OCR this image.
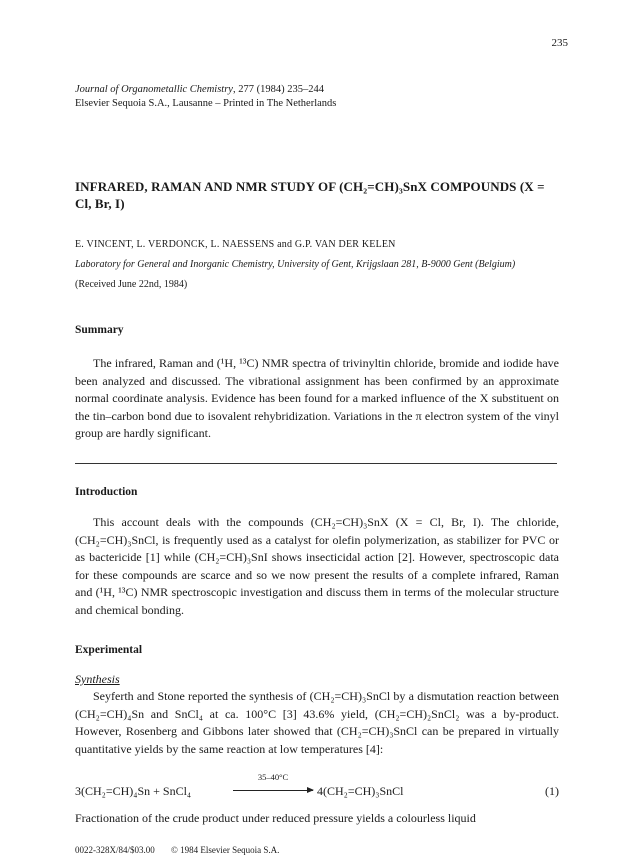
235
Journal of Organometallic Chemistry, 277 (1984) 235–244
Elsevier Sequoia S.A., Lausanne – Printed in The Netherlands
INFRARED, RAMAN AND NMR STUDY OF (CH₂=CH)₃SnX COMPOUNDS (X = Cl, Br, I)
E. VINCENT, L. VERDONCK, L. NAESSENS and G.P. VAN DER KELEN
Laboratory for General and Inorganic Chemistry, University of Gent, Krijgslaan 281, B-9000 Gent (Belgium)
(Received June 22nd, 1984)
Summary
The infrared, Raman and (¹H, ¹³C) NMR spectra of trivinyltin chloride, bromide and iodide have been analyzed and discussed. The vibrational assignment has been confirmed by an approximate normal coordinate analysis. Evidence has been found for a marked influence of the X substituent on the tin–carbon bond due to isovalent rehybridization. Variations in the π electron system of the vinyl group are hardly significant.
Introduction
This account deals with the compounds (CH₂=CH)₃SnX (X = Cl, Br, I). The chloride, (CH₂=CH)₃SnCl, is frequently used as a catalyst for olefin polymerization, as stabilizer for PVC or as bactericide [1] while (CH₂=CH)₃SnI shows insecticidal action [2]. However, spectroscopic data for these compounds are scarce and so we now present the results of a complete infrared, Raman and (¹H, ¹³C) NMR spectroscopic investigation and discuss them in terms of the molecular structure and chemical bonding.
Experimental
Synthesis
Seyferth and Stone reported the synthesis of (CH₂=CH)₃SnCl by a dismutation reaction between (CH₂=CH)₄Sn and SnCl₄ at ca. 100°C [3] 43.6% yield, (CH₂=CH)₂SnCl₂ was a by-product. However, Rosenberg and Gibbons later showed that (CH₂=CH)₃SnCl can be prepared in virtually quantitative yields by the same reaction at low temperatures [4]:
3(CH₂=CH)₄Sn + SnCl₄
35–40°C
4(CH₂=CH)₃SnCl	(1)
Fractionation of the crude product under reduced pressure yields a colourless liquid
0022-328X/84/$03.00 © 1984 Elsevier Sequoia S.A.
